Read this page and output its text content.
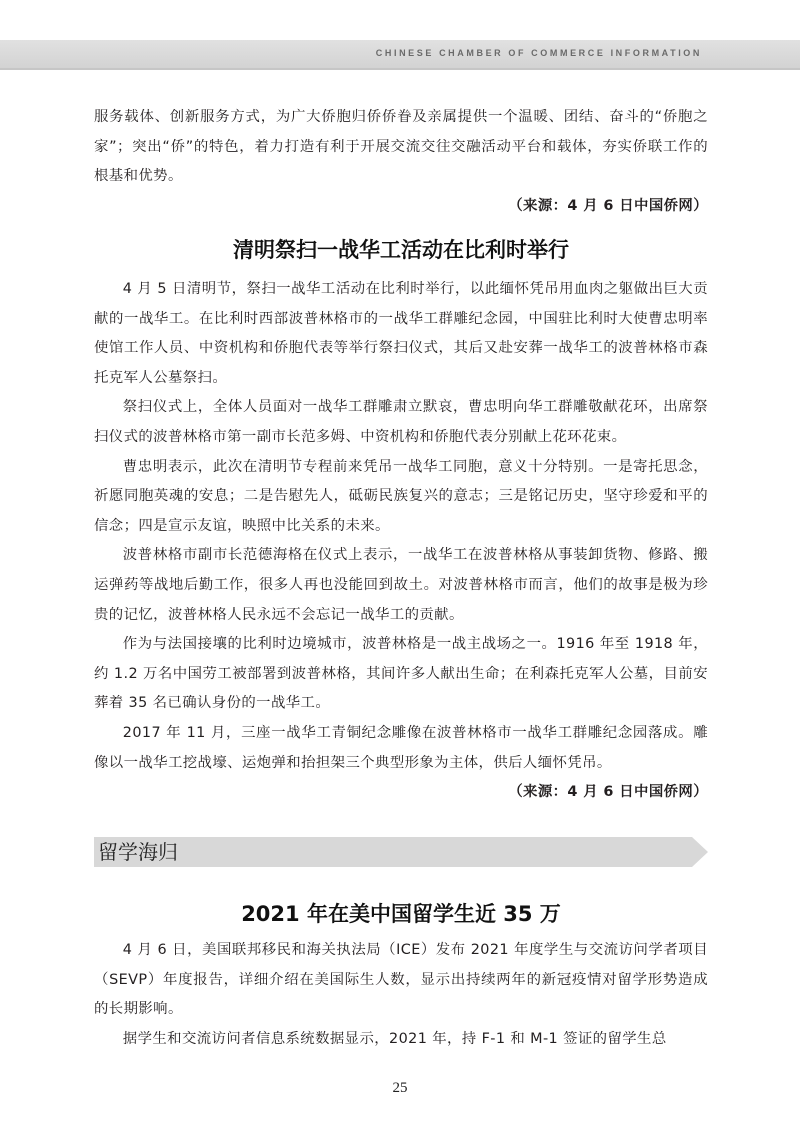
CHINESE CHAMBER OF COMMERCE INFORMATION

服务载体、创新服务方式，为广大侨胞归侨侨眷及亲属提供一个温暖、团结、奋斗的“侨胞之家”；突出“侨”的特色，着力打造有利于开展交流交往交融活动平台和载体，夯实侨联工作的根基和优势。

（来源：4 月 6 日中国侨网）

清明祭扫一战华工活动在比利时举行

4 月 5 日清明节，祭扫一战华工活动在比利时举行，以此缅怀凭吊用血肉之躯做出巨大贡献的一战华工。在比利时西部波普林格市的一战华工群雕纪念园，中国驻比利时大使曹忠明率使馆工作人员、中资机构和侨胞代表等举行祭扫仪式，其后又赴安葬一战华工的波普林格市森托克军人公墓祭扫。

祭扫仪式上，全体人员面对一战华工群雕肃立默哀，曹忠明向华工群雕敬献花环，出席祭扫仪式的波普林格市第一副市长范多姆、中资机构和侨胞代表分别献上花环花束。

曹忠明表示，此次在清明节专程前来凭吊一战华工同胞，意义十分特别。一是寄托思念，祈愿同胞英魂的安息；二是告慰先人，砥砺民族复兴的意志；三是铭记历史，坚守珍爱和平的信念；四是宣示友谊，映照中比关系的未来。

波普林格市副市长范德海格在仪式上表示，一战华工在波普林格从事装卸货物、修路、搬运弹药等战地后勤工作，很多人再也没能回到故土。对波普林格市而言，他们的故事是极为珍贵的记忆，波普林格人民永远不会忘记一战华工的贡献。

作为与法国接壤的比利时边境城市，波普林格是一战主战场之一。1916 年至 1918 年，约 1.2 万名中国劳工被部署到波普林格，其间许多人献出生命；在利森托克军人公墓，目前安葬着 35 名已确认身份的一战华工。

2017 年 11 月，三座一战华工青铜纪念雕像在波普林格市一战华工群雕纪念园落成。雕像以一战华工挖战壕、运炮弹和抬担架三个典型形象为主体，供后人缅怀凭吊。

（来源：4 月 6 日中国侨网）

留学海归
2021 年在美中国留学生近 35 万

4 月 6 日，美国联邦移民和海关执法局（ICE）发布 2021 年度学生与交流访问学者项目（SEVP）年度报告，详细介绍在美国际生人数，显示出持续两年的新冠疫情对留学形势造成的长期影响。

据学生和交流访问者信息系统数据显示，2021 年，持 F-1 和 M-1 签证的留学生总

25
